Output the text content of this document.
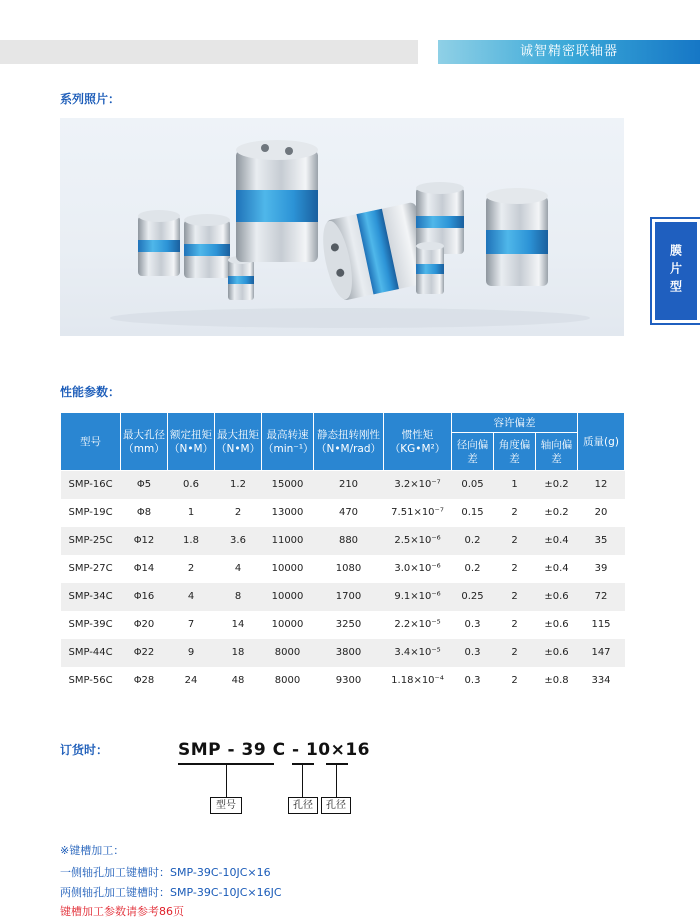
诚智精密联轴器
系列照片：
膜片型
性能参数：
型号	最大孔径（mm）	额定扭矩（N•M）	最大扭矩（N•M）	最高转速（min⁻¹）	静态扭转刚性（N•M/rad）	惯性矩（KG•M²）	容许偏差			质量(g)
							径向偏差	角度偏差	轴向偏差	
SMP-16C	Φ5	0.6	1.2	15000	210	3.2×10⁻⁷	0.05	1	±0.2	12
SMP-19C	Φ8	1	2	13000	470	7.51×10⁻⁷	0.15	2	±0.2	20
SMP-25C	Φ12	1.8	3.6	11000	880	2.5×10⁻⁶	0.2	2	±0.4	35
SMP-27C	Φ14	2	4	10000	1080	3.0×10⁻⁶	0.2	2	±0.4	39
SMP-34C	Φ16	4	8	10000	1700	9.1×10⁻⁶	0.25	2	±0.6	72
SMP-39C	Φ20	7	14	10000	3250	2.2×10⁻⁵	0.3	2	±0.6	115
SMP-44C	Φ22	9	18	8000	3800	3.4×10⁻⁵	0.3	2	±0.6	147
SMP-56C	Φ28	24	48	8000	9300	1.18×10⁻⁴	0.3	2	±0.8	334
订货时：	SMP - 39 C - 10×16
型号	孔径	孔径
※键槽加工：
一侧轴孔加工键槽时：SMP-39C-10JC×16
两侧轴孔加工键槽时：SMP-39C-10JC×16JC
键槽加工参数请参考86页
